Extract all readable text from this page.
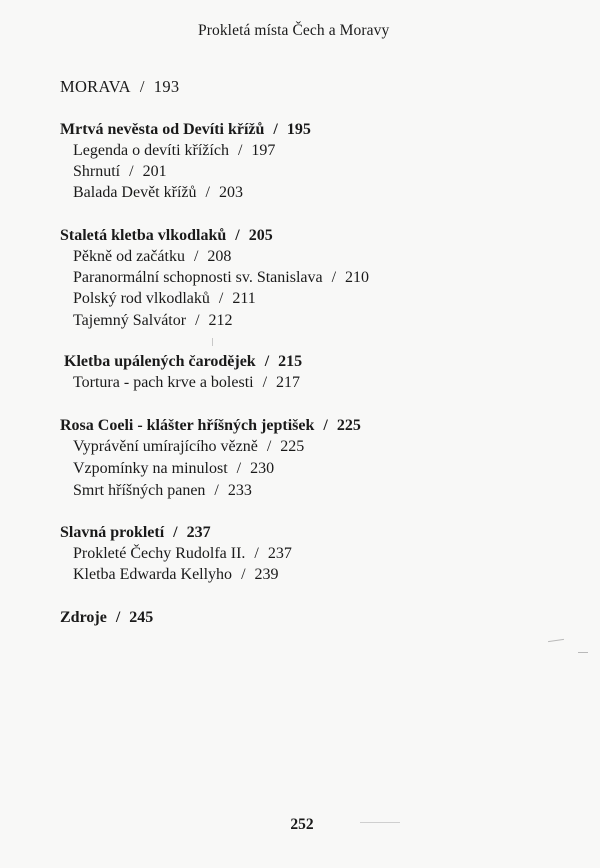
Prokletá místa Čech a Moravy
MORAVA / 193
Mrtvá nevěsta od Devíti křížů / 195
Legenda o devíti křížích / 197
Shrnutí / 201
Balada Devět křížů / 203
Staletá kletba vlkodlaků / 205
Pěkně od začátku / 208
Paranormální schopnosti sv. Stanislava / 210
Polský rod vlkodlaků / 211
Tajemný Salvátor / 212
Kletba upálených čarodějek / 215
Tortura - pach krve a bolesti / 217
Rosa Coeli - klášter hříšných jeptišek / 225
Vyprávění umírajícího vězně / 225
Vzpomínky na minulost / 230
Smrt hříšných panen / 233
Slavná prokletí / 237
Prokleté Čechy Rudolfa II. / 237
Kletba Edwarda Kellyho / 239
Zdroje / 245
252
